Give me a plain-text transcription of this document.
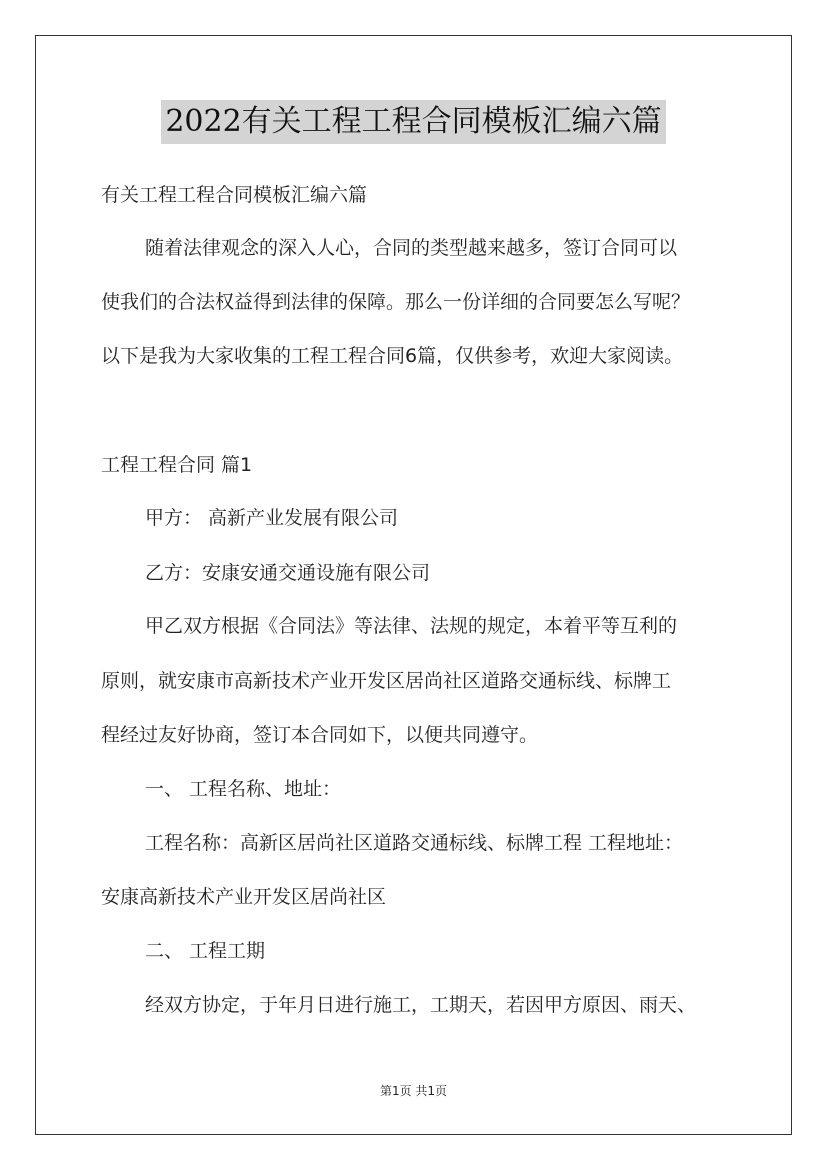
2022有关工程工程合同模板汇编六篇
有关工程工程合同模板汇编六篇
随着法律观念的深入人心，合同的类型越来越多，签订合同可以
使我们的合法权益得到法律的保障。那么一份详细的合同要怎么写呢？
以下是我为大家收集的工程工程合同6篇，仅供参考，欢迎大家阅读。
工程工程合同 篇1
甲方： 高新产业发展有限公司
乙方：安康安通交通设施有限公司
甲乙双方根据《合同法》等法律、法规的规定，本着平等互利的
原则，就安康市高新技术产业开发区居尚社区道路交通标线、标牌工
程经过友好协商，签订本合同如下，以便共同遵守。
一、 工程名称、地址：
工程名称：高新区居尚社区道路交通标线、标牌工程 工程地址：
安康高新技术产业开发区居尚社区
二、 工程工期
经双方协定，于年月日进行施工，工期天，若因甲方原因、雨天、
第1页 共1页
